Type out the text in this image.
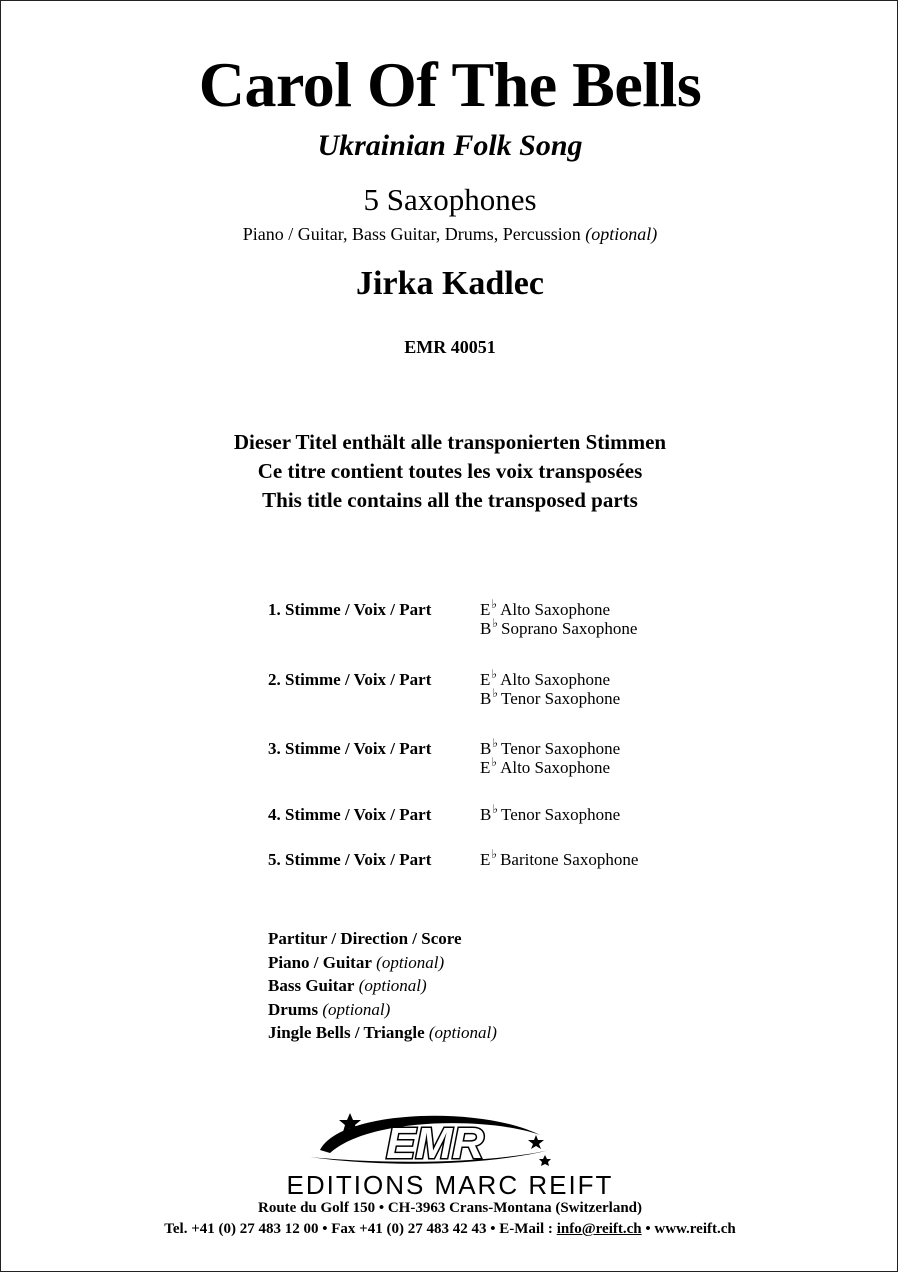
Carol Of The Bells
Ukrainian Folk Song
5 Saxophones
Piano / Guitar, Bass Guitar, Drums, Percussion (optional)
Jirka Kadlec
EMR 40051
Dieser Titel enthält alle transponierten Stimmen
Ce titre contient toutes les voix transposées
This title contains all the transposed parts
1. Stimme / Voix / Part	E♭ Alto Saxophone
B♭ Soprano Saxophone
2. Stimme / Voix / Part	E♭ Alto Saxophone
B♭ Tenor Saxophone
3. Stimme / Voix / Part	B♭ Tenor Saxophone
E♭ Alto Saxophone
4. Stimme / Voix / Part	B♭ Tenor Saxophone
5. Stimme / Voix / Part	E♭ Baritone Saxophone
Partitur / Direction / Score
Piano / Guitar (optional)
Bass Guitar (optional)
Drums (optional)
Jingle Bells / Triangle (optional)
EMR
EDITIONS MARC REIFT
Route du Golf 150 • CH-3963 Crans-Montana (Switzerland)
Tel. +41 (0) 27 483 12 00 • Fax +41 (0) 27 483 42 43 • E-Mail : info@reift.ch • www.reift.ch
